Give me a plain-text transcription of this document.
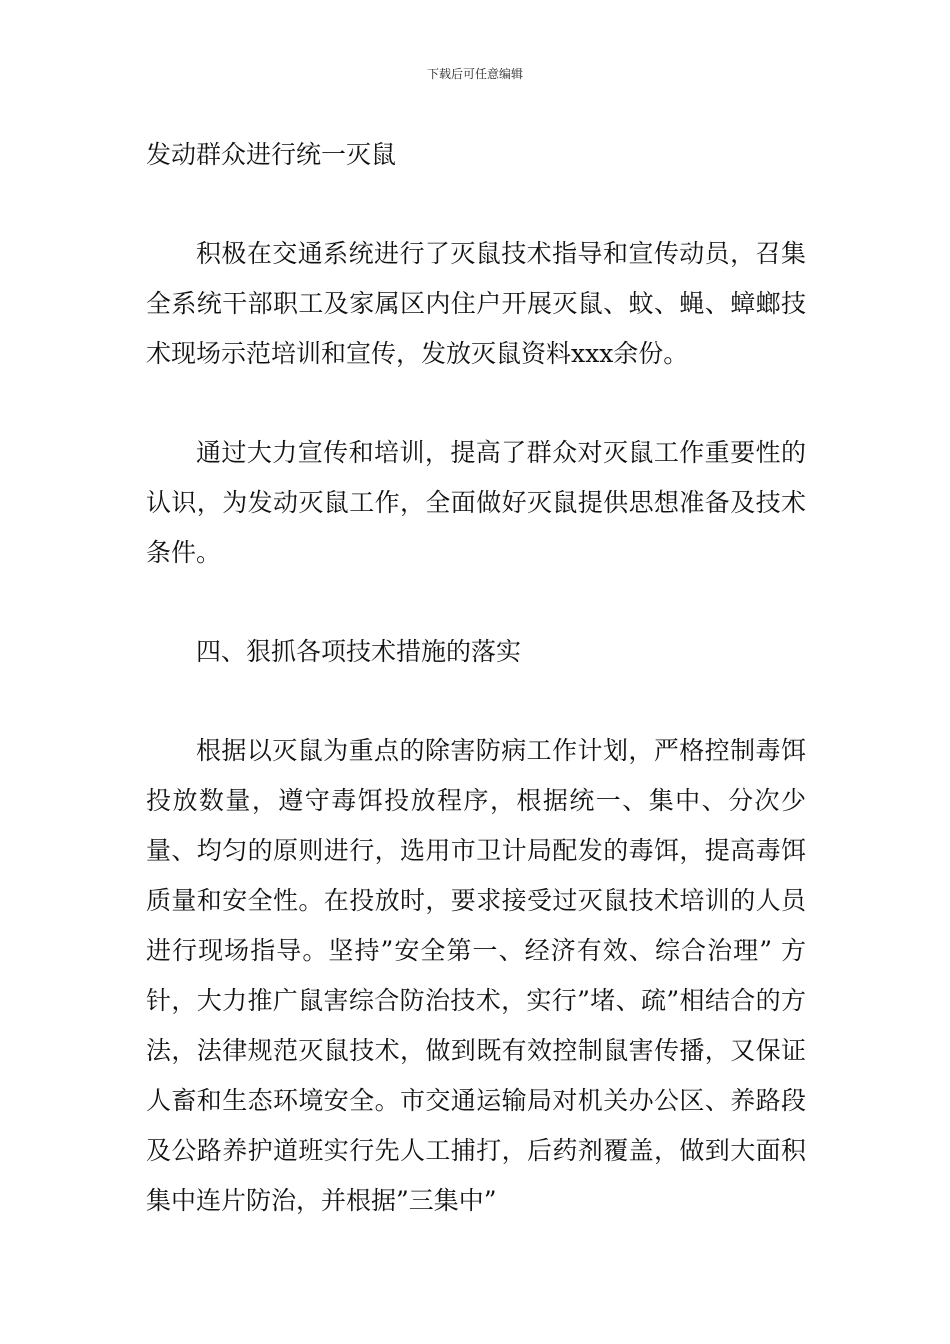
下载后可任意编辑

发动群众进行统一灭鼠

积极在交通系统进行了灭鼠技术指导和宣传动员，召集全系统干部职工及家属区内住户开展灭鼠、蚊、蝇、蟑螂技术现场示范培训和宣传，发放灭鼠资料xxx余份。

通过大力宣传和培训，提高了群众对灭鼠工作重要性的认识，为发动灭鼠工作，全面做好灭鼠提供思想准备及技术条件。

四、狠抓各项技术措施的落实

根据以灭鼠为重点的除害防病工作计划，严格控制毒饵投放数量，遵守毒饵投放程序，根据统一、集中、分次少量、均匀的原则进行，选用市卫计局配发的毒饵，提高毒饵质量和安全性。在投放时，要求接受过灭鼠技术培训的人员进行现场指导。坚持”安全第一、经济有效、综合治理” 方针，大力推广鼠害综合防治技术，实行”堵、疏”相结合的方法，法律规范灭鼠技术，做到既有效控制鼠害传播，又保证人畜和生态环境安全。市交通运输局对机关办公区、养路段及公路养护道班实行先人工捕打，后药剂覆盖，做到大面积集中连片防治，并根据”三集中”
